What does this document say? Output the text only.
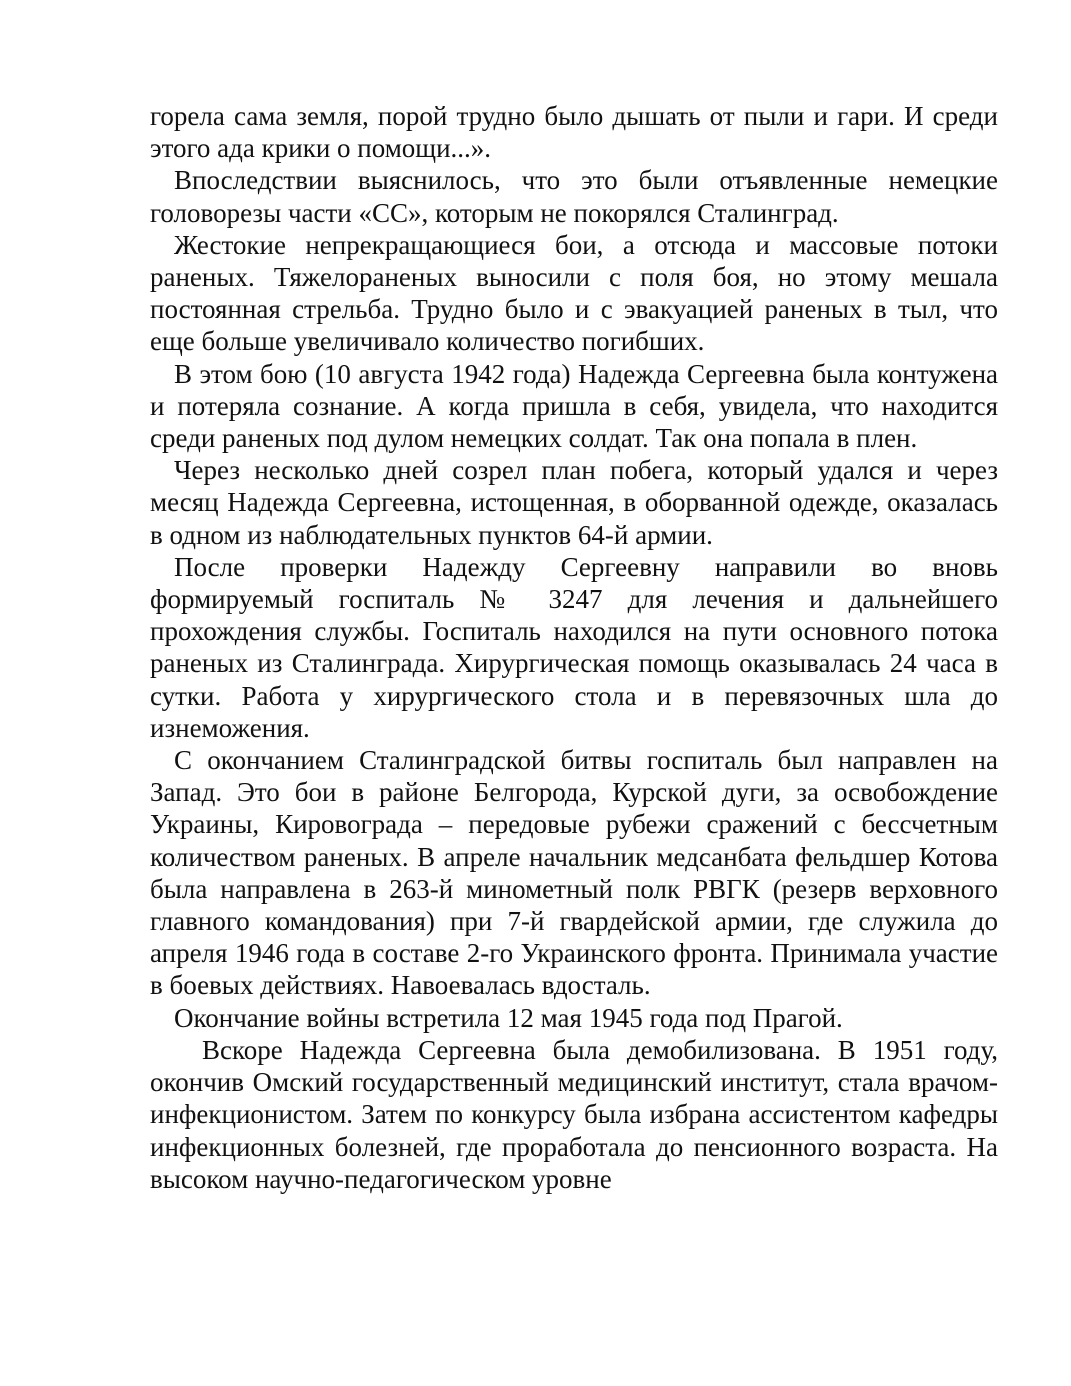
горела сама земля, порой трудно было дышать от пыли и гари. И среди этого ада крики о помощи...».

Впоследствии выяснилось, что это были отъявленные немецкие головорезы части «СС», которым не покорялся Сталинград.

Жестокие непрекращающиеся бои, а отсюда и массовые потоки раненых. Тяжелораненых выносили с поля боя, но этому мешала постоянная стрельба. Трудно было и с эвакуацией раненых в тыл, что еще больше увеличивало количество погибших.

В этом бою (10 августа 1942 года) Надежда Сергеевна была контужена и потеряла сознание. А когда пришла в себя, увидела, что находится среди раненых под дулом немецких солдат. Так она попала в плен.

Через несколько дней созрел план побега, который удался и через месяц Надежда Сергеевна, истощенная, в оборванной одежде, оказалась в одном из наблюдательных пунктов 64-й армии.

После проверки Надежду Сергеевну направили во вновь формируемый госпиталь № 3247 для лечения и дальнейшего прохождения службы. Госпиталь находился на пути основного потока раненых из Сталинграда. Хирургическая помощь оказывалась 24 часа в сутки. Работа у хирургического стола и в перевязочных шла до изнеможения.

С окончанием Сталинградской битвы госпиталь был направлен на Запад. Это бои в районе Белгорода, Курской дуги, за освобождение Украины, Кировограда – передовые рубежи сражений с бессчетным количеством раненых. В апреле начальник медсанбата фельдшер Котова была направлена в 263-й минометный полк РВГК (резерв верховного главного командования) при 7-й гвардейской армии, где служила до апреля 1946 года в составе 2-го Украинского фронта. Принимала участие в боевых действиях. Навоевалась вдосталь.

Окончание войны встретила 12 мая 1945 года под Прагой.

Вскоре Надежда Сергеевна была демобилизована. В 1951 году, окончив Омский государственный медицинский институт, стала врачом-инфекционистом. Затем по конкурсу была избрана ассистентом кафедры инфекционных болезней, где проработала до пенсионного возраста. На высоком научно-педагогическом уровне
